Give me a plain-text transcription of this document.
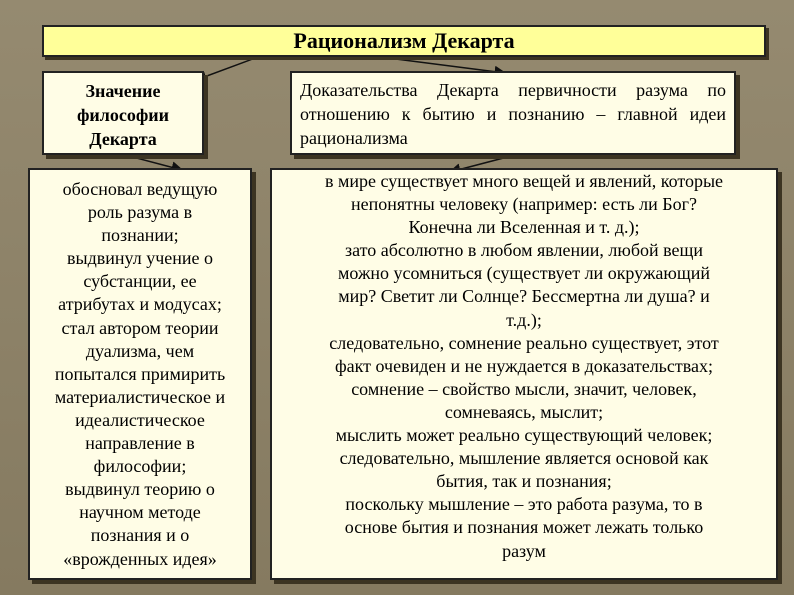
Рационализм Декарта
Значение
философии
Декарта
Доказательства Декарта первичности разума по отношению к бытию и познанию – главной идеи рационализма
обосновал ведущую
роль разума в
познании;
выдвинул учение о
субстанции, ее
атрибутах и модусах;
стал автором теории
дуализма, чем
попытался примирить
материалистическое и
идеалистическое
направление в
философии;
выдвинул теорию о
научном методе
познания и о
«врожденных идея»
в мире существует много вещей и явлений, которые
непонятны человеку (например: есть ли Бог?
Конечна ли Вселенная и т. д.);
зато абсолютно в любом явлении, любой вещи
можно усомниться (существует ли окружающий
мир? Светит ли Солнце? Бессмертна ли душа? и
т.д.);
следовательно, сомнение реально существует, этот
факт очевиден и не нуждается в доказательствах;
сомнение – свойство мысли, значит, человек,
сомневаясь, мыслит;
мыслить может реально существующий человек;
следовательно, мышление является основой как
бытия, так и познания;
поскольку мышление – это работа разума, то в
основе бытия и познания может лежать только
разум
